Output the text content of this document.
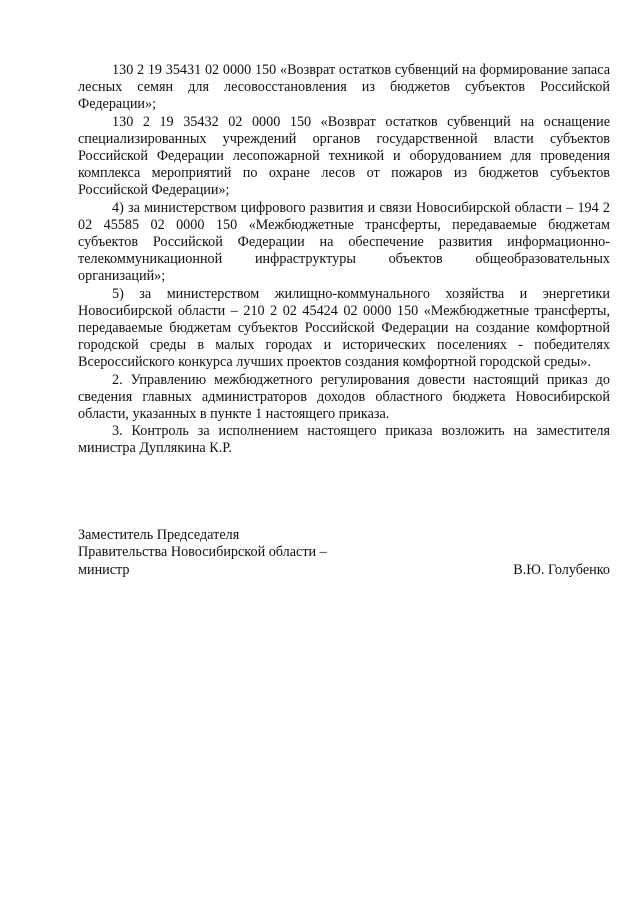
130 2 19 35431 02 0000 150 «Возврат остатков субвенций на формирование запаса лесных семян для лесовосстановления из бюджетов субъектов Российской Федерации»;

130 2 19 35432 02 0000 150 «Возврат остатков субвенций на оснащение специализированных учреждений органов государственной власти субъектов Российской Федерации лесопожарной техникой и оборудованием для проведения комплекса мероприятий по охране лесов от пожаров из бюджетов субъектов Российской Федерации»;

4) за министерством цифрового развития и связи Новосибирской области – 194 2 02 45585 02 0000 150 «Межбюджетные трансферты, передаваемые бюджетам субъектов Российской Федерации на обеспечение развития информационно-телекоммуникационной инфраструктуры объектов общеобразовательных организаций»;

5) за министерством жилищно-коммунального хозяйства и энергетики Новосибирской области – 210 2 02 45424 02 0000 150 «Межбюджетные трансферты, передаваемые бюджетам субъектов Российской Федерации на создание комфортной городской среды в малых городах и исторических поселениях - победителях Всероссийского конкурса лучших проектов создания комфортной городской среды».

2. Управлению межбюджетного регулирования довести настоящий приказ до сведения главных администраторов доходов областного бюджета Новосибирской области, указанных в пункте 1 настоящего приказа.

3. Контроль за исполнением настоящего приказа возложить на заместителя министра Дуплякина К.Р.

Заместитель Председателя
Правительства Новосибирской области –
министр	В.Ю. Голубенко
